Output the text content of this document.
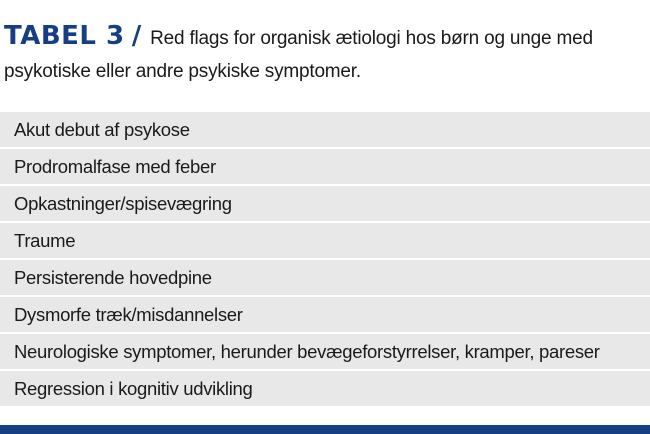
TABEL 3 / Red flags for organisk ætiologi hos børn og unge med psykotiske eller andre psykiske symptomer.
Akut debut af psykose
Prodromalfase med feber
Opkastninger/spisevægring
Traume
Persisterende hovedpine
Dysmorfe træk/misdannelser
Neurologiske symptomer, herunder bevægeforstyrrelser, kramper, pareser
Regression i kognitiv udvikling
